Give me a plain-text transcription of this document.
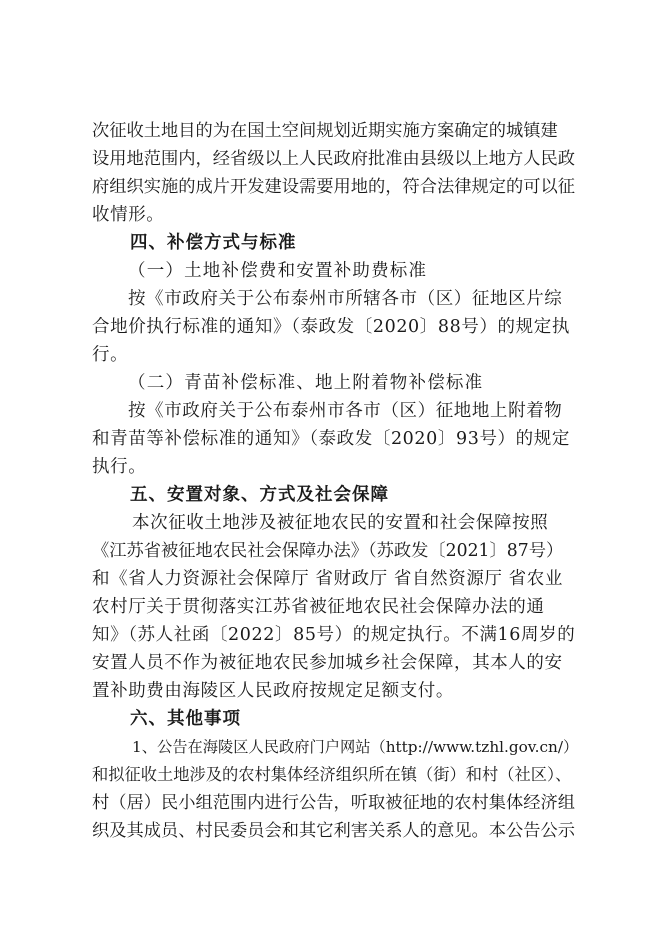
次征收土地目的为在国土空间规划近期实施方案确定的城镇建
设用地范围内，经省级以上人民政府批准由县级以上地方人民政
府组织实施的成片开发建设需要用地的，符合法律规定的可以征
收情形。
四、补偿方式与标准
（一）土地补偿费和安置补助费标准
按《市政府关于公布泰州市所辖各市（区）征地区片综
合地价执行标准的通知》（泰政发〔2020〕88号）的规定执
行。
（二）青苗补偿标准、地上附着物补偿标准
按《市政府关于公布泰州市各市（区）征地地上附着物
和青苗等补偿标准的通知》（泰政发〔2020〕93号）的规定
执行。
五、安置对象、方式及社会保障
本次征收土地涉及被征地农民的安置和社会保障按照
《江苏省被征地农民社会保障办法》（苏政发〔2021〕87号）
和《省人力资源社会保障厅 省财政厅 省自然资源厅 省农业
农村厅关于贯彻落实江苏省被征地农民社会保障办法的通
知》（苏人社函〔2022〕85号）的规定执行。不满16周岁的
安置人员不作为被征地农民参加城乡社会保障，其本人的安
置补助费由海陵区人民政府按规定足额支付。
六、其他事项
1、公告在海陵区人民政府门户网站（http://www.tzhl.gov.cn/）
和拟征收土地涉及的农村集体经济组织所在镇（街）和村（社区）、
村（居）民小组范围内进行公告，听取被征地的农村集体经济组
织及其成员、村民委员会和其它利害关系人的意见。本公告公示
